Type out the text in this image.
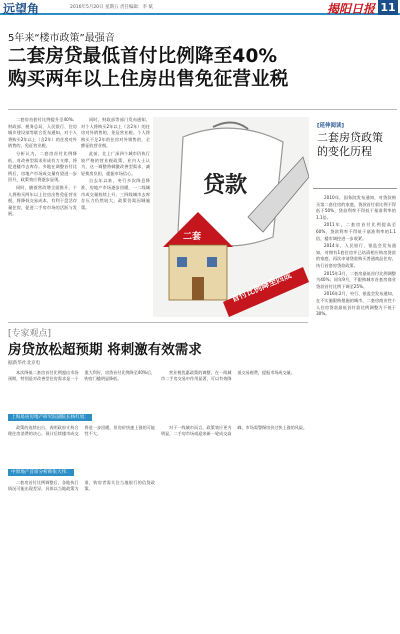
远望角	2016年5月20日 星期五 责任编辑：李 斌	揭阳日报 11
5年来“楼市政策”最强音
二套房贷最低首付比例降至40%
购买两年以上住房出售免征营业税

二套房首套付比例提升至40%；财政部、税务总局、人民银行、住房城乡建设部等联合发布通知，对个人将购买2年以上（含2年）的住房对外销售的，免征营业税。

分析认为，二套房首付比例降低，对改善型需求形成有力支撑，将促进楼市去库存。多地在调整首付比例后，房地产市场成交量有望进一步回升，政策效应将逐步显现。

同时，随着营改增全面推开，个人将购买两年以上住房出售免征营业税，将降低交易成本，有利于盘活存量住房，促进二手房市场的活跃与发展。

同时，财政部等部门发布通知，对个人将购买2年以上（含2年）的住房对外销售的，免征营业税。个人将购买不足2年的住房对外销售的，全额征收营业税。

此前，北上广深四个城市仍执行较严格的营业税政策，业内人士认为，这一调整将刺激改善型需求，减轻换房负担，提振市场信心。

自去年以来，央行多次降息降准，房地产市场逐步回暖，一二线城市成交量持续上升，三四线城市去库存压力仍然较大，政策仍需因城施策。

贷款
二套
首付比例降至四成
[延伸阅读]
二套房贷政策的变化历程

2010年，国务院发布通知，对贷款购买第二套住房的家庭，贷款首付款比例不得低于50%，贷款利率不得低于基准利率的1.1倍。

2011年，二套房首付比例提高至60%，贷款利率不得低于基准利率的1.1倍，楼市调控进一步收紧。

2014年，人民银行、银监会发布通知，对拥有1套住房并已结清相应购房贷款的家庭，再次申请贷款购买普通商品住房，执行首套房贷款政策。

2015年3月，二套房最低首付比例调整为40%；同年9月，不限购城市首套房商业贷款首付比例下调至25%。

2016年2月，央行、银监会发布通知，在不实施限购措施的城市，二套房商业性个人住房贷款最低首付款比例调整为不低于30%。

[专家观点]
房贷放松超预期 将刺激有效需求
据新华社北京电

本次降低二套房首付比例超出市场预期，特别是对改善型住房需求是一个重大利好，房贷首付比例降至40%后，购房门槛明显降低。

营业税优惠政策的调整，在一线城市二手房交易中作用显著，可以有效降低交易税费，提振市场成交量。

上海易居房地产研究院副院长杨红旭：

政策的连续出台，表明政府支持合理住房消费的决心，预计后续楼市成交将进一步回暖，但房价快速上涨的可能性不大。

对于一线城市而言，政策效应更为明显，二手房市场或迎来新一轮成交高峰，市场需警惕房价过快上涨的风险。

中原地产首席分析师张大伟：

二套房首付比例调整后，各地执行情况可能出现差异，具体以当地政策为准，购房者需关注当地银行的信贷政策。
